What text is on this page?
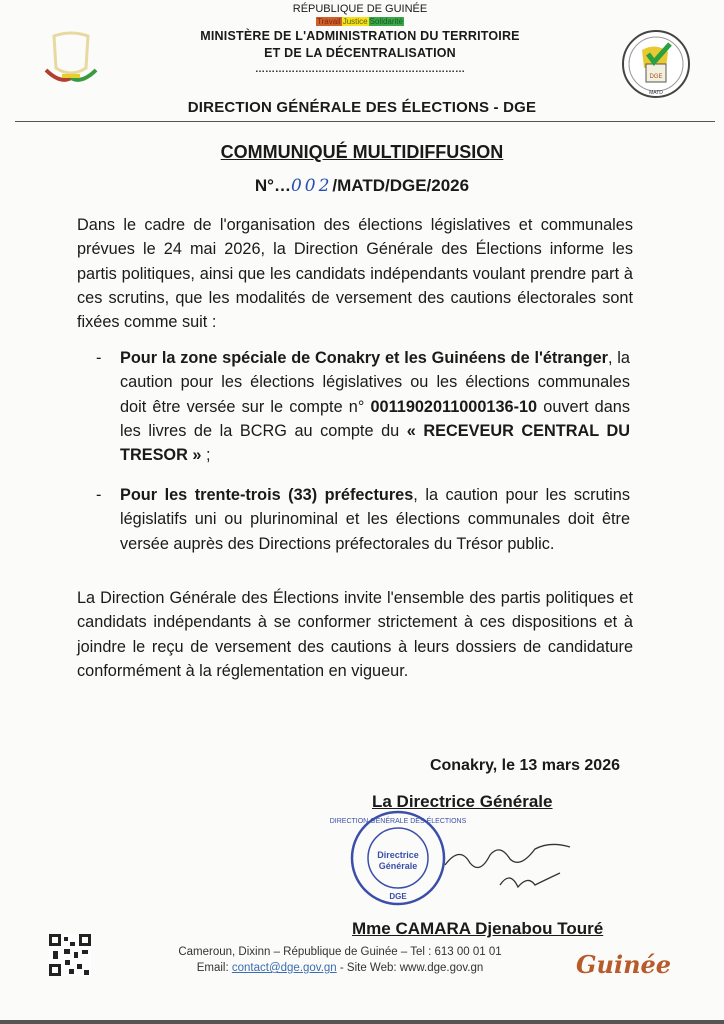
RÉPUBLIQUE DE GUINÉE
Travail Justice Solidarité
MINISTÈRE DE L'ADMINISTRATION DU TERRITOIRE
ET DE LA DÉCENTRALISATION
………………………………………………………
DGE
MATD
DIRECTION GÉNÉRALE DES ÉLECTIONS - DGE
COMMUNIQUÉ MULTIDIFFUSION
N°…002/MATD/DGE/2026
Dans le cadre de l'organisation des élections législatives et communales prévues le 24 mai 2026, la Direction Générale des Élections informe les partis politiques, ainsi que les candidats indépendants voulant prendre part à ces scrutins, que les modalités de versement des cautions électorales sont fixées comme suit :
- Pour la zone spéciale de Conakry et les Guinéens de l'étranger, la caution pour les élections législatives ou les élections communales doit être versée sur le compte n° 0011902011000136-10 ouvert dans les livres de la BCRG au compte du « RECEVEUR CENTRAL DU TRESOR » ;
- Pour les trente-trois (33) préfectures, la caution pour les scrutins législatifs uni ou plurinominal et les élections communales doit être versée auprès des Directions préfectorales du Trésor public.
La Direction Générale des Élections invite l'ensemble des partis politiques et candidats indépendants à se conformer strictement à ces dispositions et à joindre le reçu de versement des cautions à leurs dossiers de candidature conformément à la réglementation en vigueur.
Conakry, le 13 mars 2026
La Directrice Générale
Directrice
Générale
DGE
DIRECTION GÉNÉRALE DES ÉLECTIONS
Mme CAMARA Djenabou Touré
Cameroun, Dixinn – République de Guinée – Tel : 613 00 01 01
Email: contact@dge.gov.gn - Site Web: www.dge.gov.gn	Guinée
